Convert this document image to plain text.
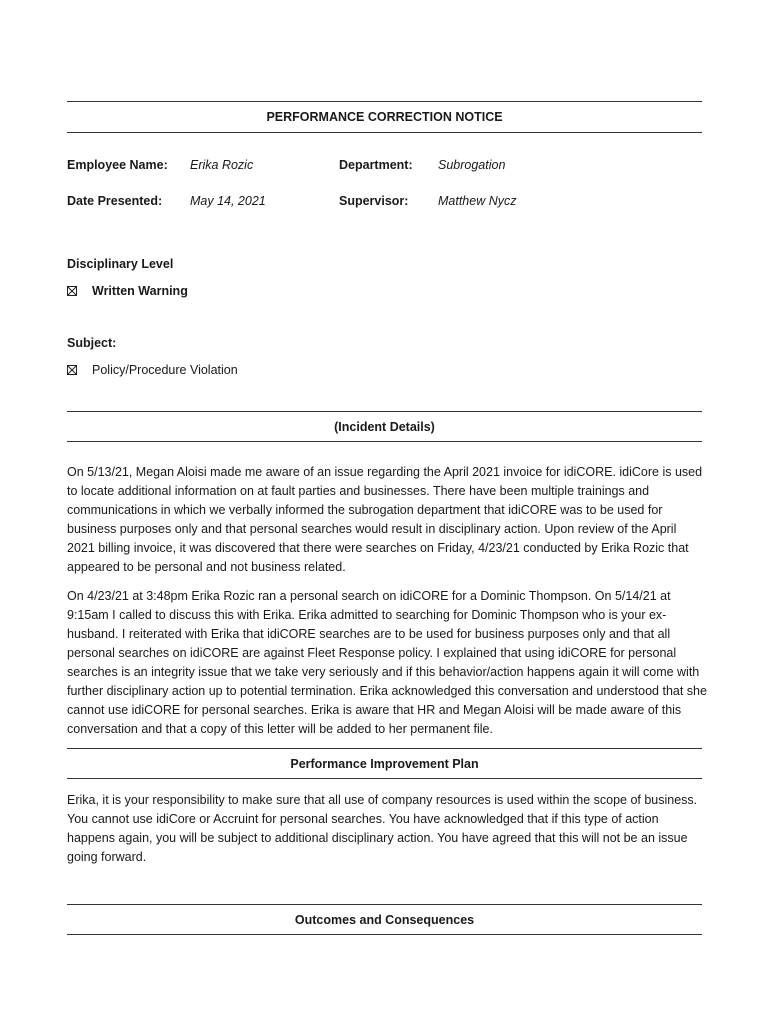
PERFORMANCE CORRECTION NOTICE
Employee Name: Erika Rozic	Department: Subrogation
Date Presented: May 14, 2021	Supervisor: Matthew Nycz
Disciplinary Level
Written Warning
Subject:
Policy/Procedure Violation
(Incident Details)

On 5/13/21, Megan Aloisi made me aware of an issue regarding the April 2021 invoice for idiCORE. idiCore is used to locate additional information on at fault parties and businesses. There have been multiple trainings and communications in which we verbally informed the subrogation department that idiCORE was to be used for business purposes only and that personal searches would result in disciplinary action. Upon review of the April 2021 billing invoice, it was discovered that there were searches on Friday, 4/23/21 conducted by Erika Rozic that appeared to be personal and not business related.

On 4/23/21 at 3:48pm Erika Rozic ran a personal search on idiCORE for a Dominic Thompson. On 5/14/21 at 9:15am I called to discuss this with Erika. Erika admitted to searching for Dominic Thompson who is your ex-husband. I reiterated with Erika that idiCORE searches are to be used for business purposes only and that all personal searches on idiCORE are against Fleet Response policy. I explained that using idiCORE for personal searches is an integrity issue that we take very seriously and if this behavior/action happens again it will come with further disciplinary action up to potential termination. Erika acknowledged this conversation and understood that she cannot use idiCORE for personal searches. Erika is aware that HR and Megan Aloisi will be made aware of this conversation and that a copy of this letter will be added to her permanent file.

Performance Improvement Plan

Erika, it is your responsibility to make sure that all use of company resources is used within the scope of business. You cannot use idiCore or Accruint for personal searches. You have acknowledged that if this type of action happens again, you will be subject to additional disciplinary action. You have agreed that this will not be an issue going forward.

Outcomes and Consequences
